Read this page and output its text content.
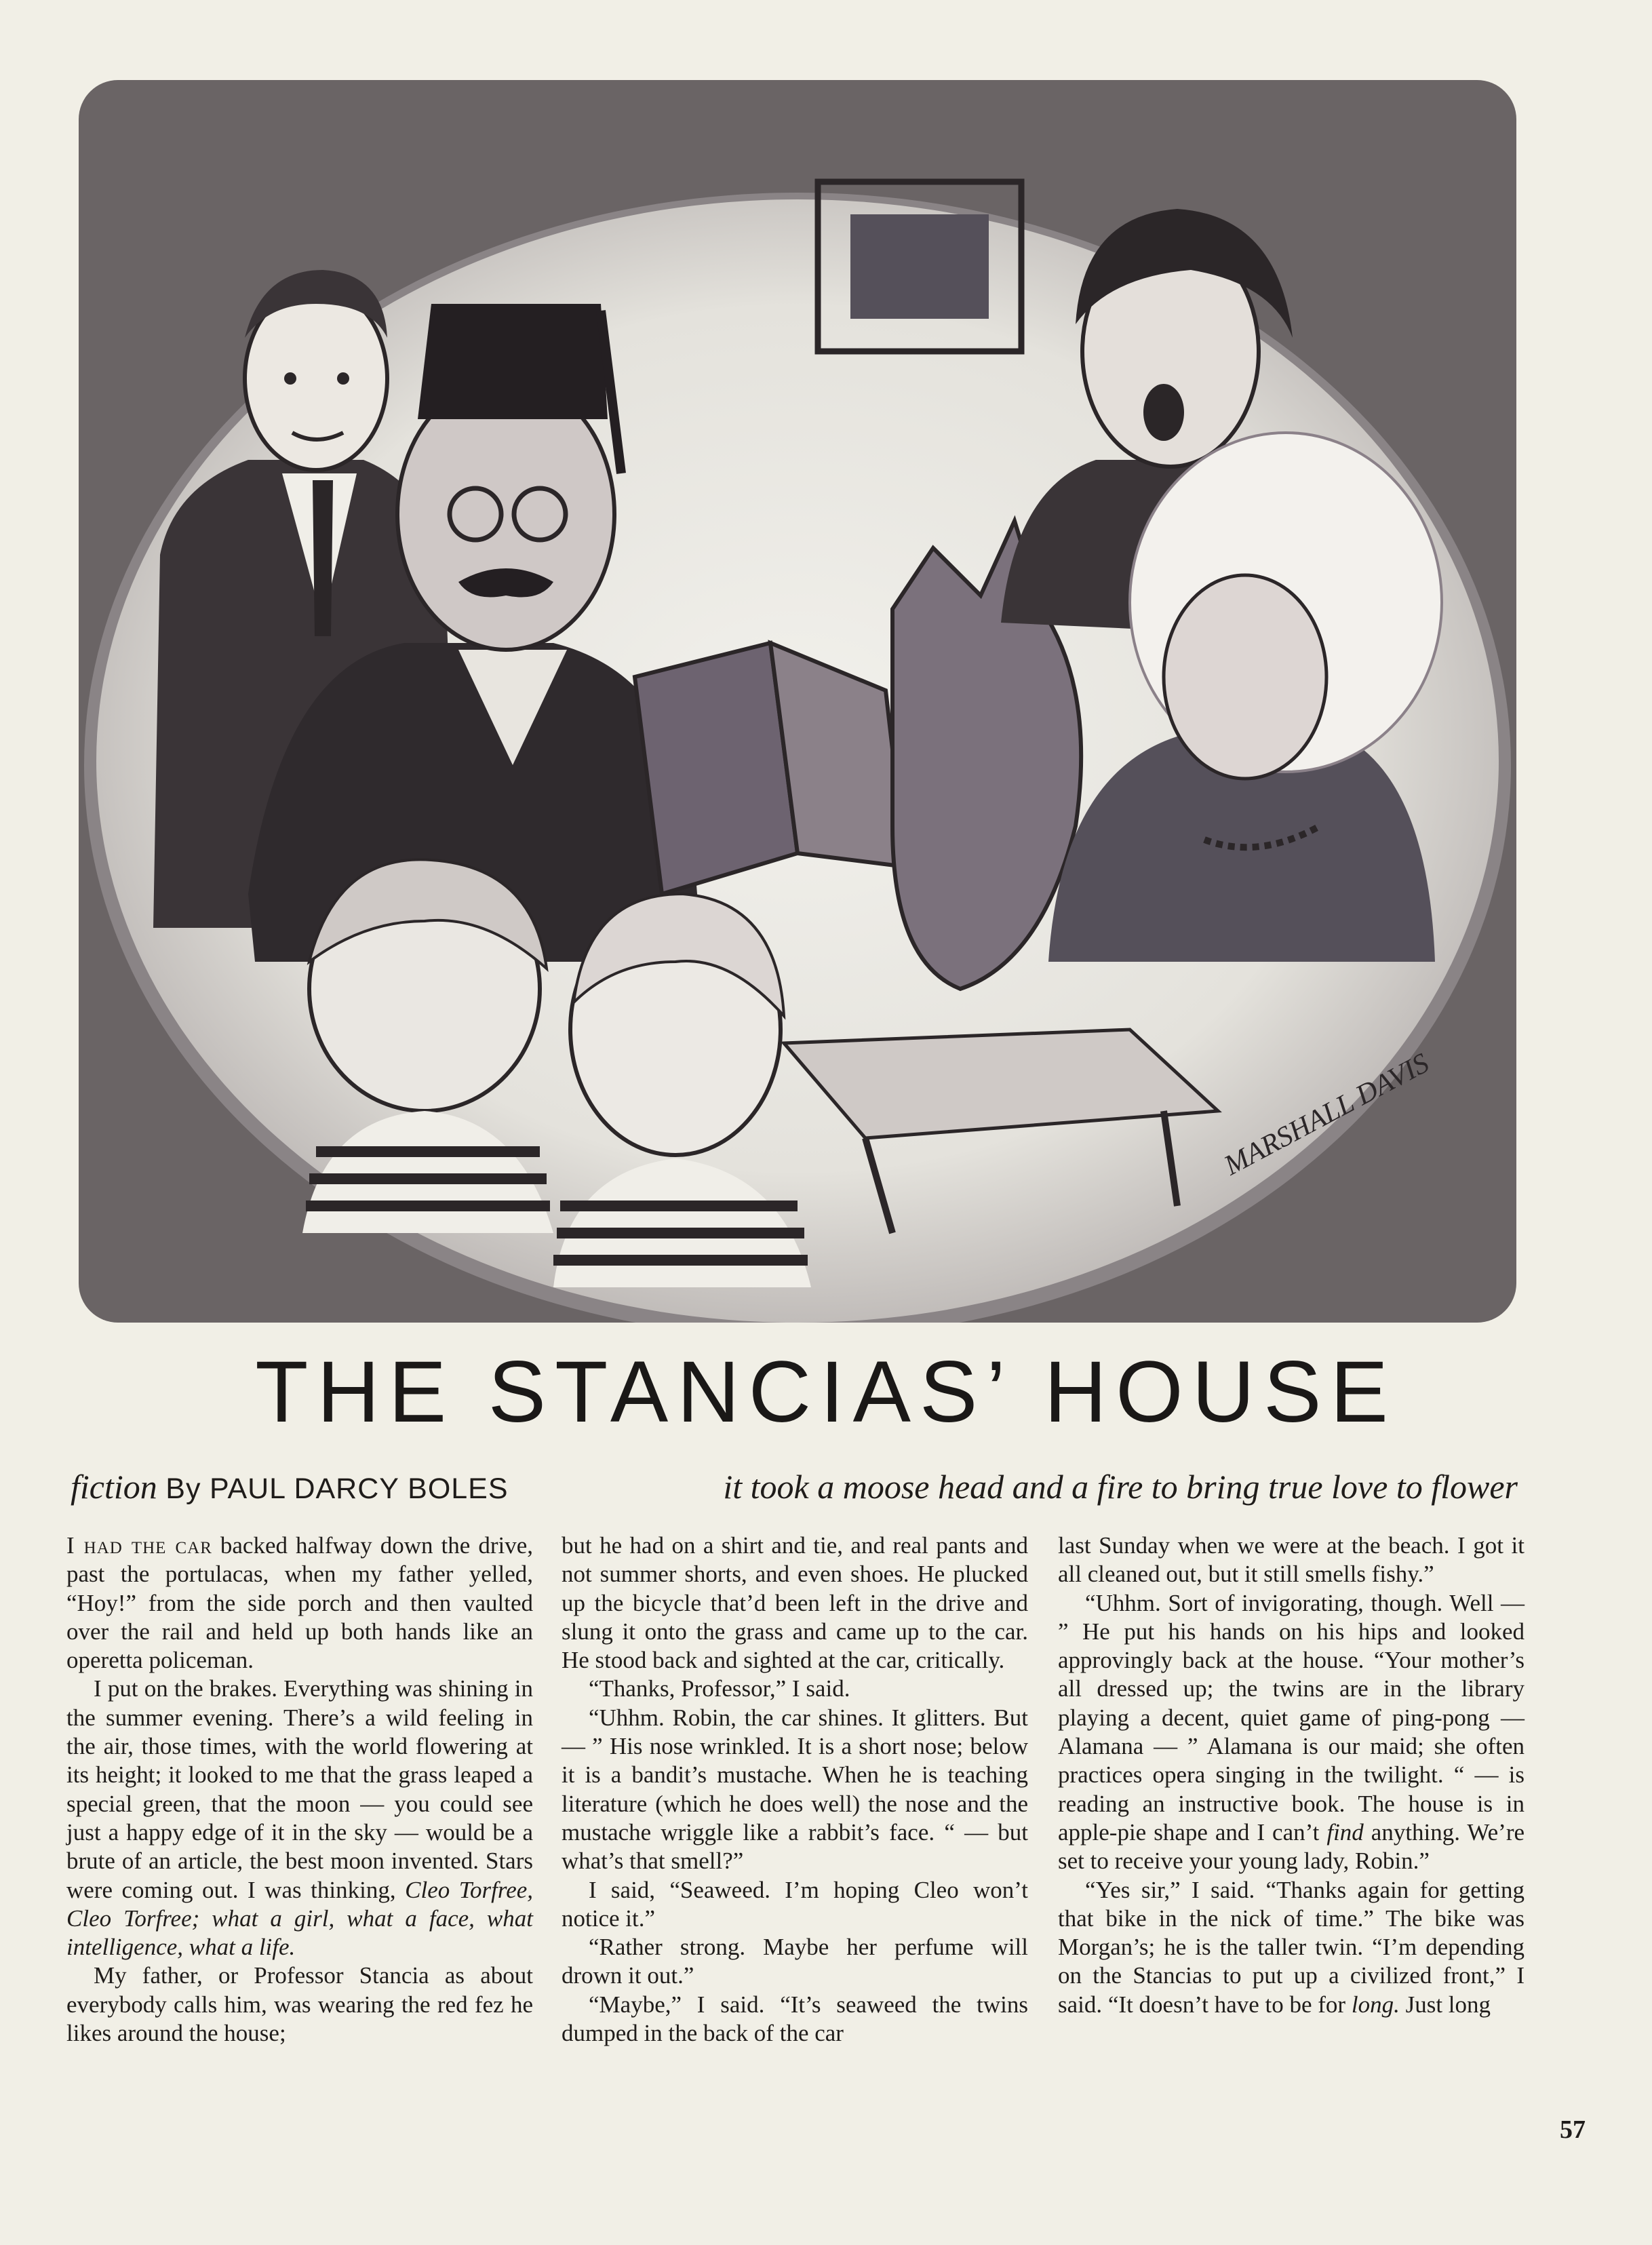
MARSHALL DAVIS
THE STANCIAS’ HOUSE
fiction By PAUL DARCY BOLES	it took a moose head and a fire to bring true love to flower

I had the car backed halfway down the drive, past the portulacas, when my father yelled, “Hoy!” from the side porch and then vaulted over the rail and held up both hands like an operetta policeman.

I put on the brakes. Everything was shining in the summer evening. There’s a wild feeling in the air, those times, with the world flowering at its height; it looked to me that the grass leaped a special green, that the moon — you could see just a happy edge of it in the sky — would be a brute of an article, the best moon invented. Stars were coming out. I was thinking, Cleo Torfree, Cleo Torfree; what a girl, what a face, what intelligence, what a life.

My father, or Professor Stancia as about everybody calls him, was wearing the red fez he likes around the house;

but he had on a shirt and tie, and real pants and not summer shorts, and even shoes. He plucked up the bicycle that’d been left in the drive and slung it onto the grass and came up to the car. He stood back and sighted at the car, critically.

“Thanks, Professor,” I said.

“Uhhm. Robin, the car shines. It glitters. But — ” His nose wrinkled. It is a short nose; below it is a bandit’s mustache. When he is teaching literature (which he does well) the nose and the mustache wriggle like a rabbit’s face. “ — but what’s that smell?”

I said, “Seaweed. I’m hoping Cleo won’t notice it.”

“Rather strong. Maybe her perfume will drown it out.”

“Maybe,” I said. “It’s seaweed the twins dumped in the back of the car

last Sunday when we were at the beach. I got it all cleaned out, but it still smells fishy.”

“Uhhm. Sort of invigorating, though. Well — ” He put his hands on his hips and looked approvingly back at the house. “Your mother’s all dressed up; the twins are in the library playing a decent, quiet game of ping-pong — Alamana — ” Alamana is our maid; she often practices opera singing in the twilight. “ — is reading an instructive book. The house is in apple-pie shape and I can’t find anything. We’re set to receive your young lady, Robin.”

“Yes sir,” I said. “Thanks again for getting that bike in the nick of time.” The bike was Morgan’s; he is the taller twin. “I’m depending on the Stancias to put up a civilized front,” I said. “It doesn’t have to be for long. Just long

57
